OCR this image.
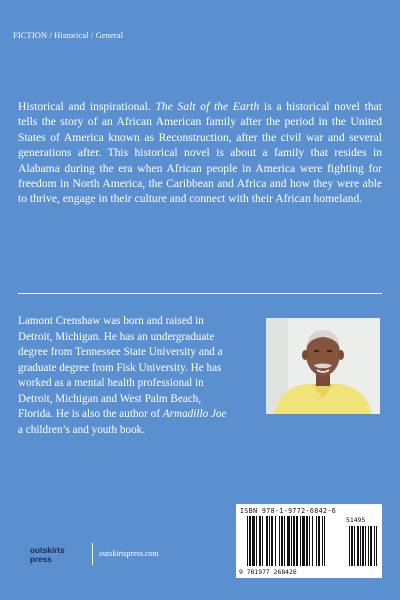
FICTION / Historical / General

Historical and inspirational. The Salt of the Earth is a historical novel that tells the story of an African American family after the period in the United States of America known as Reconstruction, after the civil war and several generations after. This historical novel is about a family that resides in Alabama during the era when African people in America were fighting for freedom in North America, the Caribbean and Africa and how they were able to thrive, engage in their culture and connect with their African homeland.

Lamont Crenshaw was born and raised in Detroit, Michigan. He has an undergraduate degree from Tennessee State University and a graduate degree from Fisk University. He has worked as a mental health professional in Detroit, Michigan and West Palm Beach, Florida. He is also the author of Armadillo Joe a children’s and youth book.

ISBN 978-1-9772-6842-6
9 781977 268426
51495
outskirts
press
outskirtspress.com
